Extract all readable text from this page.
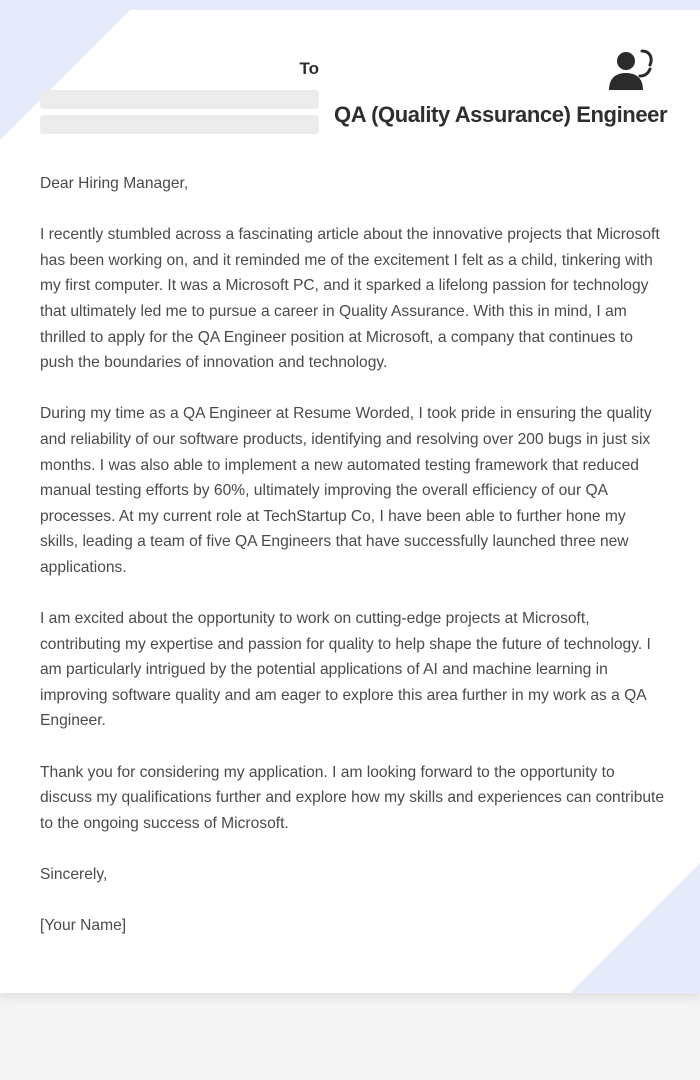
To
QA (Quality Assurance) Engineer

Dear Hiring Manager,

I recently stumbled across a fascinating article about the innovative projects that Microsoft has been working on, and it reminded me of the excitement I felt as a child, tinkering with my first computer. It was a Microsoft PC, and it sparked a lifelong passion for technology that ultimately led me to pursue a career in Quality Assurance. With this in mind, I am thrilled to apply for the QA Engineer position at Microsoft, a company that continues to push the boundaries of innovation and technology.

During my time as a QA Engineer at Resume Worded, I took pride in ensuring the quality and reliability of our software products, identifying and resolving over 200 bugs in just six months. I was also able to implement a new automated testing framework that reduced manual testing efforts by 60%, ultimately improving the overall efficiency of our QA processes. At my current role at TechStartup Co, I have been able to further hone my skills, leading a team of five QA Engineers that have successfully launched three new applications.

I am excited about the opportunity to work on cutting-edge projects at Microsoft, contributing my expertise and passion for quality to help shape the future of technology. I am particularly intrigued by the potential applications of AI and machine learning in improving software quality and am eager to explore this area further in my work as a QA Engineer.

Thank you for considering my application. I am looking forward to the opportunity to discuss my qualifications further and explore how my skills and experiences can contribute to the ongoing success of Microsoft.

Sincerely,

[Your Name]
